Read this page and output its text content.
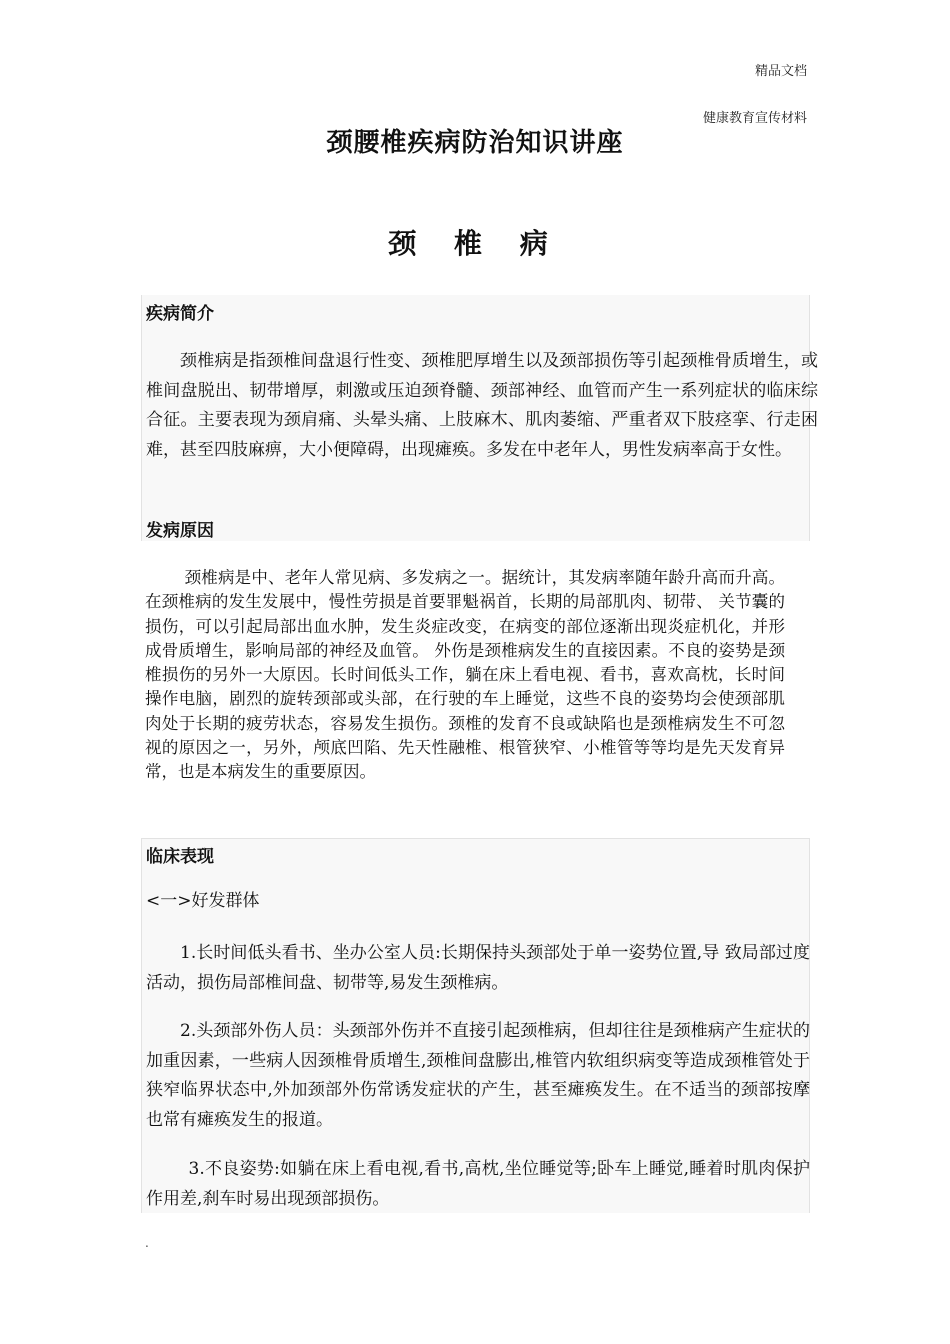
精品文档
健康教育宣传材料
颈腰椎疾病防治知识讲座
颈 椎 病
疾病简介

颈椎病是指颈椎间盘退行性变、颈椎肥厚增生以及颈部损伤等引起颈椎骨质增生，或椎间盘脱出、韧带增厚，刺激或压迫颈脊髓、颈部神经、血管而产生一系列症状的临床综合征。主要表现为颈肩痛、头晕头痛、上肢麻木、肌肉萎缩、严重者双下肢痉挛、行走困难，甚至四肢麻痹，大小便障碍，出现瘫痪。多发在中老年人，男性发病率高于女性。

发病原因

颈椎病是中、老年人常见病、多发病之一。据统计，其发病率随年龄升高而升高。在颈椎病的发生发展中，慢性劳损是首要罪魁祸首，长期的局部肌肉、韧带、 关节囊的损伤，可以引起局部出血水肿，发生炎症改变，在病变的部位逐渐出现炎症机化，并形成骨质增生，影响局部的神经及血管。 外伤是颈椎病发生的直接因素。不良的姿势是颈椎损伤的另外一大原因。长时间低头工作，躺在床上看电视、看书，喜欢高枕，长时间操作电脑，剧烈的旋转颈部或头部，在行驶的车上睡觉，这些不良的姿势均会使颈部肌肉处于长期的疲劳状态，容易发生损伤。颈椎的发育不良或缺陷也是颈椎病发生不可忽视的原因之一，另外，颅底凹陷、先天性融椎、根管狭窄、小椎管等等均是先天发育异常，也是本病发生的重要原因。

临床表现

<一>好发群体

1.长时间低头看书、坐办公室人员:长期保持头颈部处于单一姿势位置,导 致局部过度活动，损伤局部椎间盘、韧带等,易发生颈椎病。

2.头颈部外伤人员：头颈部外伤并不直接引起颈椎病，但却往往是颈椎病产生症状的加重因素，一些病人因颈椎骨质增生,颈椎间盘膨出,椎管内软组织病变等造成颈椎管处于狭窄临界状态中,外加颈部外伤常诱发症状的产生，甚至瘫痪发生。在不适当的颈部按摩也常有瘫痪发生的报道。

3.不良姿势:如躺在床上看电视,看书,高枕,坐位睡觉等;卧车上睡觉,睡着时肌肉保护作用差,刹车时易出现颈部损伤。

.
